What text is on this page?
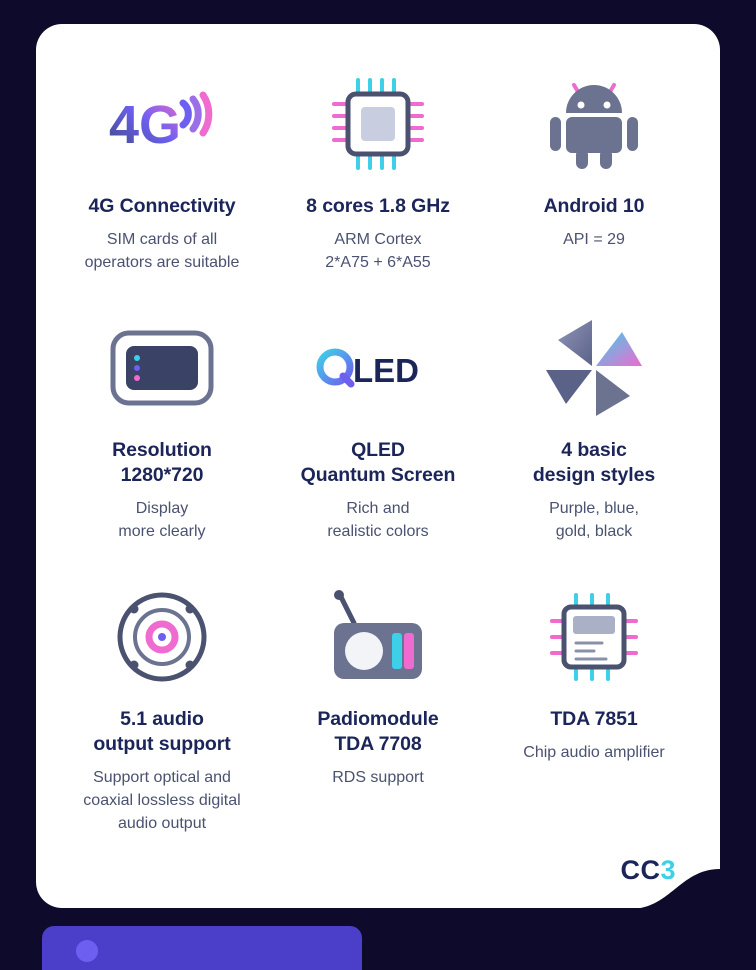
4G
4G Connectivity
SIM cards of all
operators are suitable
8 cores 1.8 GHz
ARM Cortex
2*A75 + 6*A55
Android 10
API = 29
Resolution
1280*720
Display
more clearly
LED
QLED
Quantum Screen
Rich and
realistic colors
4 basic
design styles
Purple, blue,
gold, black
5.1 audio
output support
Support optical and
coaxial lossless digital
audio output
Padiomodule
TDA 7708
RDS support
TDA 7851
Chip audio amplifier
CC3
